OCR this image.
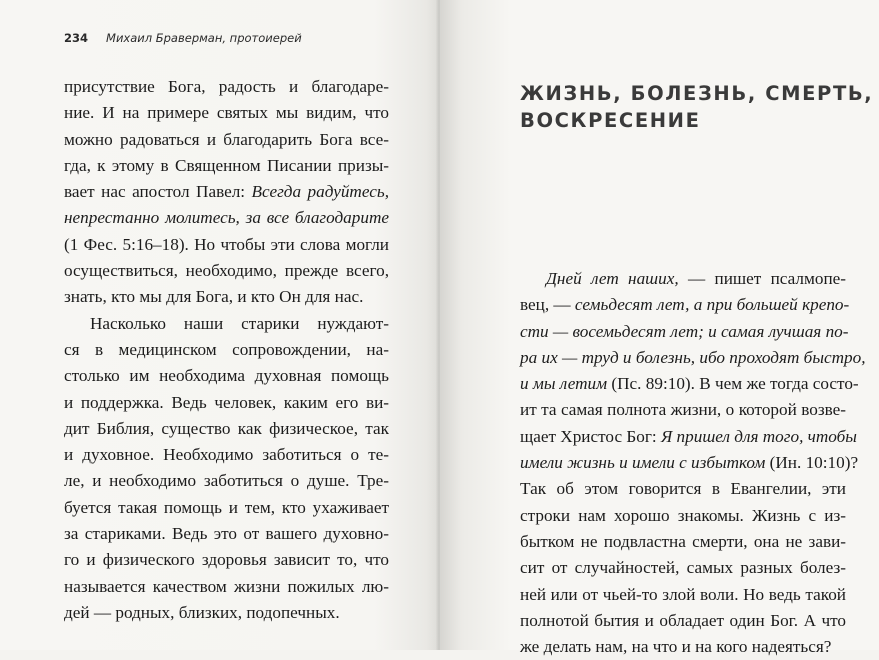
234 Михаил Браверман, протоиерей
присутствие Бога, радость и благодаре-
ние. И на примере святых мы видим, что
можно радоваться и благодарить Бога все-
гда, к этому в Священном Писании призы-
вает нас апостол Павел: Всегда радуйтесь,
непрестанно молитесь, за все благодарите
(1 Фес. 5:16–18). Но чтобы эти слова могли
осуществиться, необходимо, прежде всего,
знать, кто мы для Бога, и кто Он для нас.
Насколько наши старики нуждают-
ся в медицинском сопровождении, на-
столько им необходима духовная помощь
и поддержка. Ведь человек, каким его ви-
дит Библия, существо как физическое, так
и духовное. Необходимо заботиться о те-
ле, и необходимо заботиться о душе. Тре-
буется такая помощь и тем, кто ухаживает
за стариками. Ведь это от вашего духовно-
го и физического здоровья зависит то, что
называется качеством жизни пожилых лю-
дей — родных, близких, подопечных.
ЖИЗНЬ, БОЛЕЗНЬ, СМЕРТЬ,
ВОСКРЕСЕНИЕ
Дней лет наших, — пишет псалмопе-
вец, — семьдесят лет, а при большей крепо-
сти — восемьдесят лет; и самая лучшая по-
ра их — труд и болезнь, ибо проходят быстро,
и мы летим (Пс. 89:10). В чем же тогда состо-
ит та самая полнота жизни, о которой возве-
щает Христос Бог: Я пришел для того, чтобы
имели жизнь и имели с избытком (Ин. 10:10)?
Так об этом говорится в Евангелии, эти
строки нам хорошо знакомы. Жизнь с из-
бытком не подвластна смерти, она не зави-
сит от случайностей, самых разных болез-
ней или от чьей-то злой воли. Но ведь такой
полнотой бытия и обладает один Бог. А что
же делать нам, на что и на кого надеяться?
